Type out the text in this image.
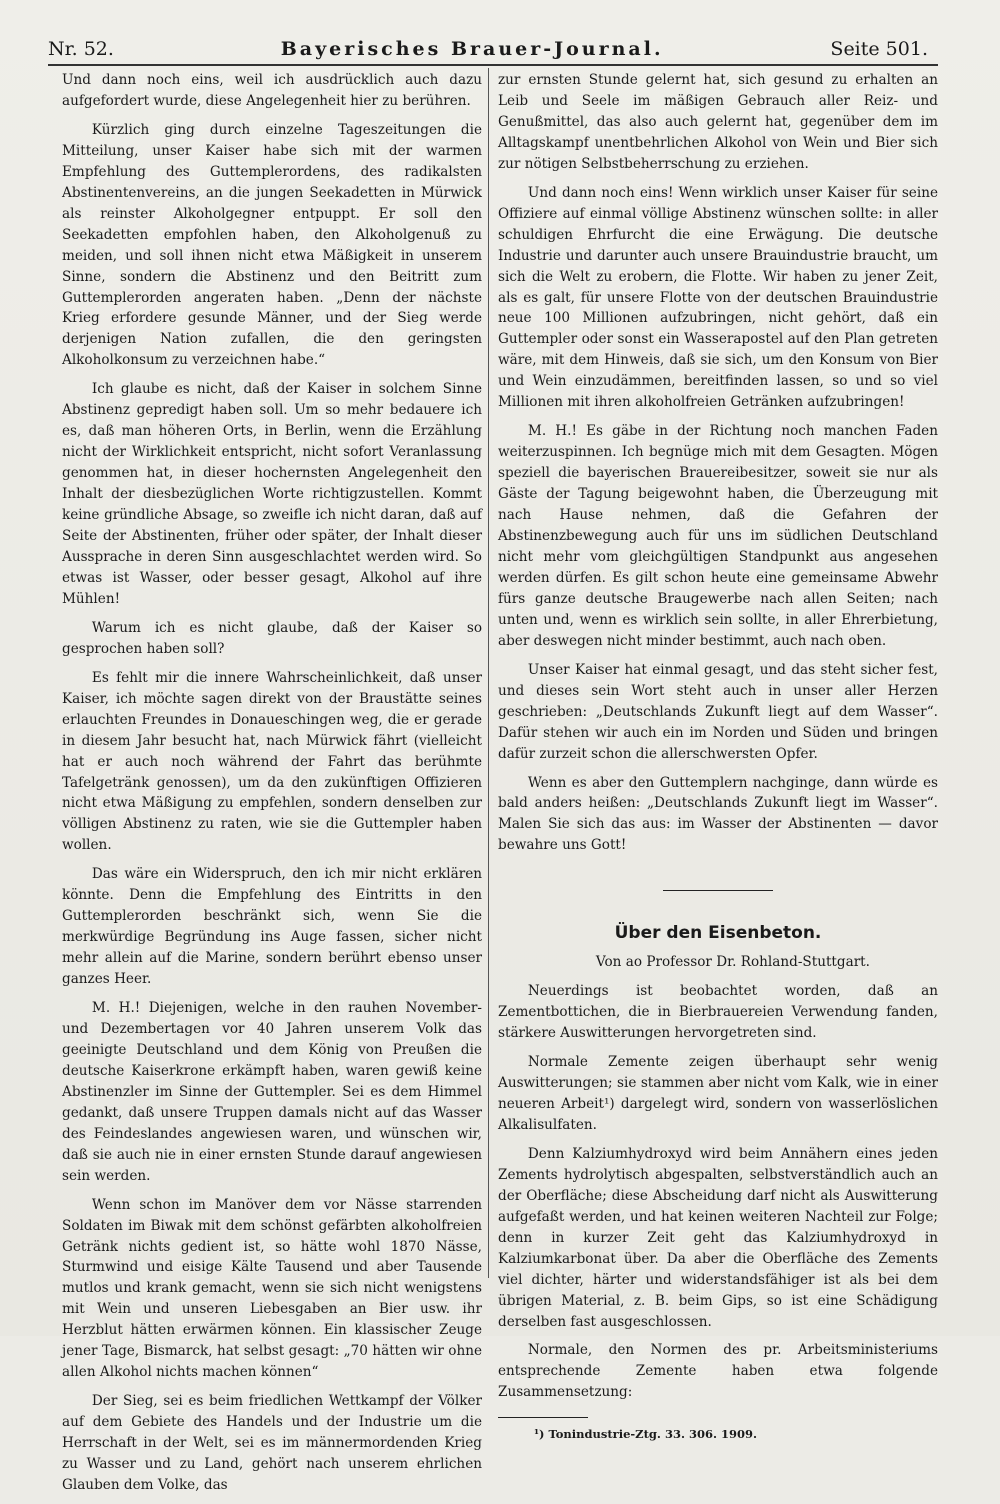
Nr. 52.	Bayerisches Brauer-Journal.	Seite 501.

Und dann noch eins, weil ich ausdrücklich auch dazu aufgefordert wurde, diese Angelegenheit hier zu berühren.

Kürzlich ging durch einzelne Tageszeitungen die Mitteilung, unser Kaiser habe sich mit der warmen Empfehlung des Guttemplerordens, des radikalsten Abstinentenvereins, an die jungen Seekadetten in Mürwick als reinster Alkoholgegner entpuppt. Er soll den Seekadetten empfohlen haben, den Alkoholgenuß zu meiden, und soll ihnen nicht etwa Mäßigkeit in unserem Sinne, sondern die Abstinenz und den Beitritt zum Guttemplerorden angeraten haben. „Denn der nächste Krieg erfordere gesunde Männer, und der Sieg werde derjenigen Nation zufallen, die den geringsten Alkoholkonsum zu verzeichnen habe.“

Ich glaube es nicht, daß der Kaiser in solchem Sinne Abstinenz gepredigt haben soll. Um so mehr bedauere ich es, daß man höheren Orts, in Berlin, wenn die Erzählung nicht der Wirklichkeit entspricht, nicht sofort Veranlassung genommen hat, in dieser hochernsten Angelegenheit den Inhalt der diesbezüglichen Worte richtigzustellen. Kommt keine gründliche Absage, so zweifle ich nicht daran, daß auf Seite der Abstinenten, früher oder später, der Inhalt dieser Aussprache in deren Sinn ausgeschlachtet werden wird. So etwas ist Wasser, oder besser gesagt, Alkohol auf ihre Mühlen!

Warum ich es nicht glaube, daß der Kaiser so gesprochen haben soll?

Es fehlt mir die innere Wahrscheinlichkeit, daß unser Kaiser, ich möchte sagen direkt von der Braustätte seines erlauchten Freundes in Donaueschingen weg, die er gerade in diesem Jahr besucht hat, nach Mürwick fährt (vielleicht hat er auch noch während der Fahrt das berühmte Tafelgetränk genossen), um da den zukünftigen Offizieren nicht etwa Mäßigung zu empfehlen, sondern denselben zur völligen Abstinenz zu raten, wie sie die Guttempler haben wollen.

Das wäre ein Widerspruch, den ich mir nicht erklären könnte. Denn die Empfehlung des Eintritts in den Guttemplerorden beschränkt sich, wenn Sie die merkwürdige Begründung ins Auge fassen, sicher nicht mehr allein auf die Marine, sondern berührt ebenso unser ganzes Heer.

M. H.! Diejenigen, welche in den rauhen November- und Dezembertagen vor 40 Jahren unserem Volk das geeinigte Deutschland und dem König von Preußen die deutsche Kaiserkrone erkämpft haben, waren gewiß keine Abstinenzler im Sinne der Guttempler. Sei es dem Himmel gedankt, daß unsere Truppen damals nicht auf das Wasser des Feindeslandes angewiesen waren, und wünschen wir, daß sie auch nie in einer ernsten Stunde darauf angewiesen sein werden.

Wenn schon im Manöver dem vor Nässe starrenden Soldaten im Biwak mit dem schönst gefärbten alkoholfreien Getränk nichts gedient ist, so hätte wohl 1870 Nässe, Sturmwind und eisige Kälte Tausend und aber Tausende mutlos und krank gemacht, wenn sie sich nicht wenigstens mit Wein und unseren Liebesgaben an Bier usw. ihr Herzblut hätten erwärmen können. Ein klassischer Zeuge jener Tage, Bismarck, hat selbst gesagt: „70 hätten wir ohne allen Alkohol nichts machen können“

Der Sieg, sei es beim friedlichen Wettkampf der Völker auf dem Gebiete des Handels und der Industrie um die Herrschaft in der Welt, sei es im männermordenden Krieg zu Wasser und zu Land, gehört nach unserem ehrlichen Glauben dem Volke, das

zur ernsten Stunde gelernt hat, sich gesund zu erhalten an Leib und Seele im mäßigen Gebrauch aller Reiz- und Genußmittel, das also auch gelernt hat, gegenüber dem im Alltagskampf unentbehrlichen Alkohol von Wein und Bier sich zur nötigen Selbstbeherrschung zu erziehen.

Und dann noch eins! Wenn wirklich unser Kaiser für seine Offiziere auf einmal völlige Abstinenz wünschen sollte: in aller schuldigen Ehrfurcht die eine Erwägung. Die deutsche Industrie und darunter auch unsere Brauindustrie braucht, um sich die Welt zu erobern, die Flotte. Wir haben zu jener Zeit, als es galt, für unsere Flotte von der deutschen Brauindustrie neue 100 Millionen aufzubringen, nicht gehört, daß ein Guttempler oder sonst ein Wasserapostel auf den Plan getreten wäre, mit dem Hinweis, daß sie sich, um den Konsum von Bier und Wein einzudämmen, bereitfinden lassen, so und so viel Millionen mit ihren alkoholfreien Getränken aufzubringen!

M. H.! Es gäbe in der Richtung noch manchen Faden weiterzuspinnen. Ich begnüge mich mit dem Gesagten. Mögen speziell die bayerischen Brauereibesitzer, soweit sie nur als Gäste der Tagung beigewohnt haben, die Überzeugung mit nach Hause nehmen, daß die Gefahren der Abstinenzbewegung auch für uns im südlichen Deutschland nicht mehr vom gleichgültigen Standpunkt aus angesehen werden dürfen. Es gilt schon heute eine gemeinsame Abwehr fürs ganze deutsche Braugewerbe nach allen Seiten; nach unten und, wenn es wirklich sein sollte, in aller Ehrerbietung, aber deswegen nicht minder bestimmt, auch nach oben.

Unser Kaiser hat einmal gesagt, und das steht sicher fest, und dieses sein Wort steht auch in unser aller Herzen geschrieben: „Deutschlands Zukunft liegt auf dem Wasser“. Dafür stehen wir auch ein im Norden und Süden und bringen dafür zurzeit schon die allerschwersten Opfer.

Wenn es aber den Guttemplern nachginge, dann würde es bald anders heißen: „Deutschlands Zukunft liegt im Wasser“. Malen Sie sich das aus: im Wasser der Abstinenten — davor bewahre uns Gott!

Über den Eisenbeton.

Von ao Professor Dr. Rohland-Stuttgart.

Neuerdings ist beobachtet worden, daß an Zementbottichen, die in Bierbrauereien Verwendung fanden, stärkere Auswitterungen hervorgetreten sind.

Normale Zemente zeigen überhaupt sehr wenig Auswitterungen; sie stammen aber nicht vom Kalk, wie in einer neueren Arbeit¹) dargelegt wird, sondern von wasserlöslichen Alkalisulfaten.

Denn Kalziumhydroxyd wird beim Annähern eines jeden Zements hydrolytisch abgespalten, selbstverständlich auch an der Oberfläche; diese Abscheidung darf nicht als Auswitterung aufgefaßt werden, und hat keinen weiteren Nachteil zur Folge; denn in kurzer Zeit geht das Kalziumhydroxyd in Kalziumkarbonat über. Da aber die Oberfläche des Zements viel dichter, härter und widerstandsfähiger ist als bei dem übrigen Material, z. B. beim Gips, so ist eine Schädigung derselben fast ausgeschlossen.

Normale, den Normen des pr. Arbeitsministeriums entsprechende Zemente haben etwa folgende Zusammensetzung:

¹) Tonindustrie-Ztg. 33. 306. 1909.
